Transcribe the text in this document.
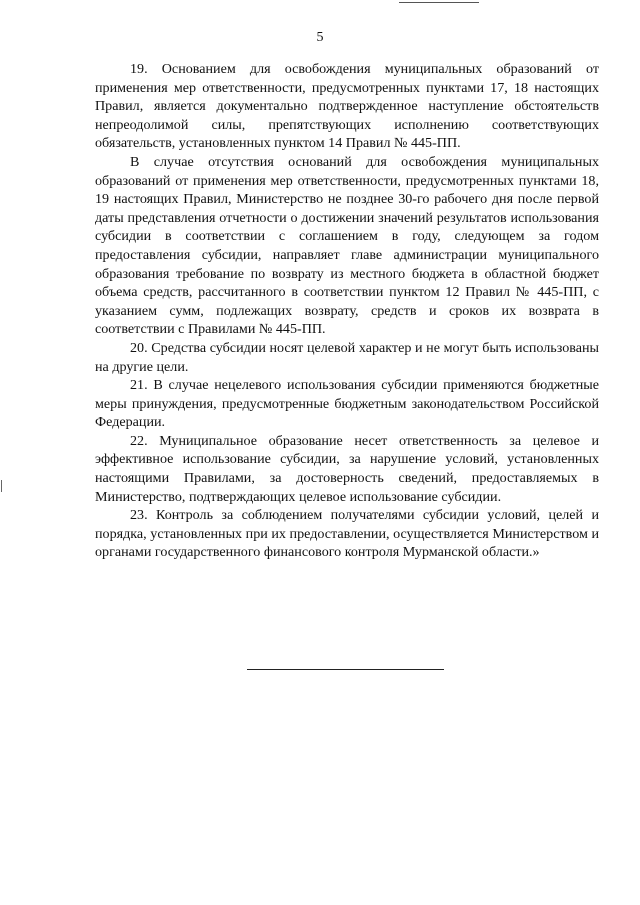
5

19. Основанием для освобождения муниципальных образований от применения мер ответственности, предусмотренных пунктами 17, 18 настоящих Правил, является документально подтвержденное наступление обстоятельств непреодолимой силы, препятствующих исполнению соответствующих обязательств, установленных пунктом 14 Правил № 445-ПП.

В случае отсутствия оснований для освобождения муниципальных образований от применения мер ответственности, предусмотренных пунктами 18, 19 настоящих Правил, Министерство не позднее 30-го рабочего дня после первой даты представления отчетности о достижении значений результатов использования субсидии в соответствии с соглашением в году, следующем за годом предоставления субсидии, направляет главе администрации муниципального образования требование по возврату из местного бюджета в областной бюджет объема средств, рассчитанного в соответствии пунктом 12 Правил № 445-ПП, с указанием сумм, подлежащих возврату, средств и сроков их возврата в соответствии с Правилами № 445-ПП.

20. Средства субсидии носят целевой характер и не могут быть использованы на другие цели.

21. В случае нецелевого использования субсидии применяются бюджетные меры принуждения, предусмотренные бюджетным законодательством Российской Федерации.

22. Муниципальное образование несет ответственность за целевое и эффективное использование субсидии, за нарушение условий, установленных настоящими Правилами, за достоверность сведений, предоставляемых в Министерство, подтверждающих целевое использование субсидии.

23. Контроль за соблюдением получателями субсидии условий, целей и порядка, установленных при их предоставлении, осуществляется Министерством и органами государственного финансового контроля Мурманской области.»
